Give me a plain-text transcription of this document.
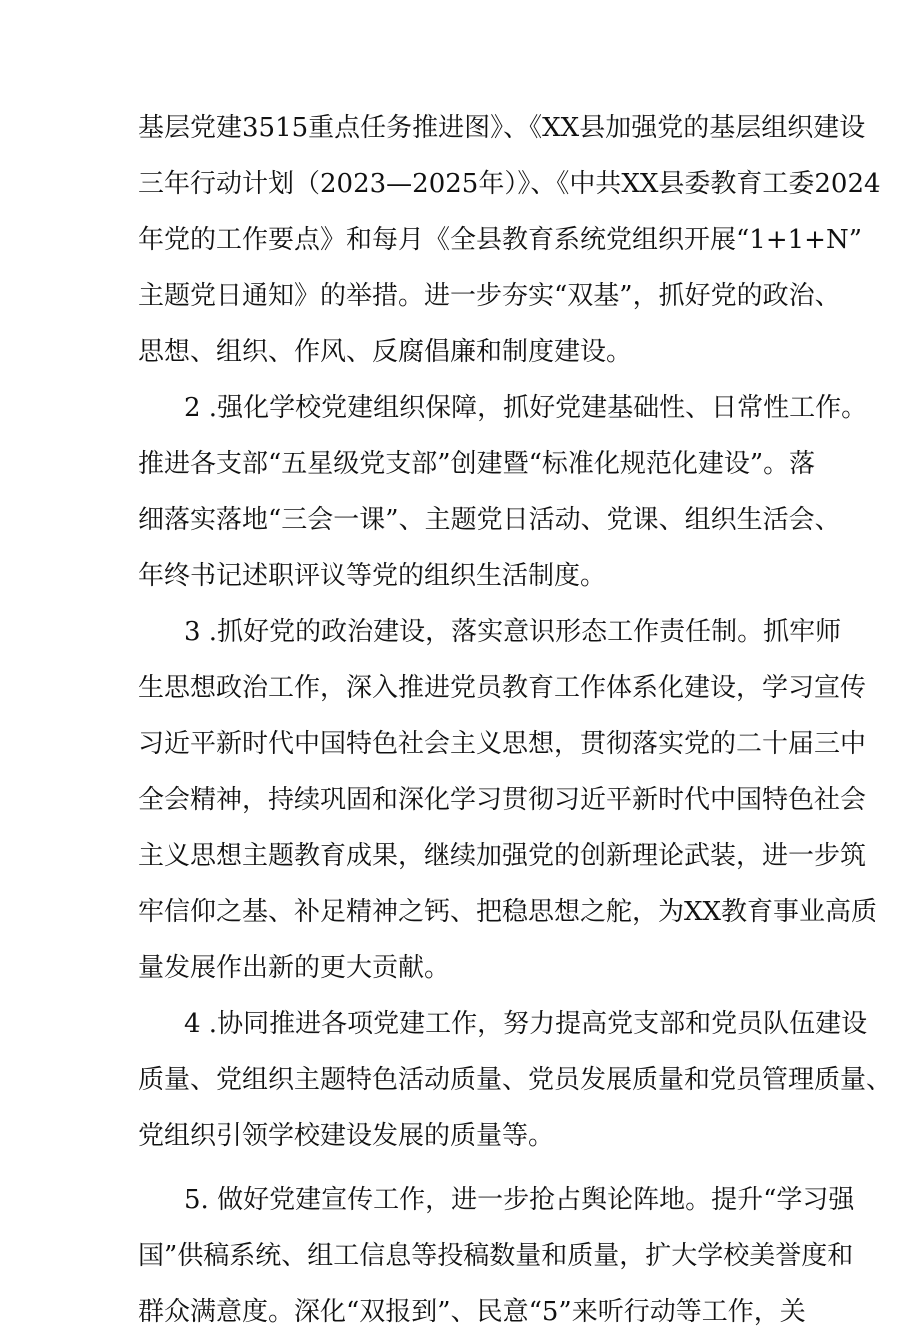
基层党建3515重点任务推进图》、《XX县加强党的基层组织建设
三年行动计划（2023—2025年）》、《中共XX县委教育工委2024
年党的工作要点》和每月《全县教育系统党组织开展“1+1+N”
主题党日通知》的举措。进一步夯实“双基”，抓好党的政治、
思想、组织、作风、反腐倡廉和制度建设。
2 .强化学校党建组织保障，抓好党建基础性、日常性工作。
推进各支部“五星级党支部”创建暨“标准化规范化建设”。落
细落实落地“三会一课”、主题党日活动、党课、组织生活会、
年终书记述职评议等党的组织生活制度。
3 .抓好党的政治建设，落实意识形态工作责任制。抓牢师
生思想政治工作，深入推进党员教育工作体系化建设，学习宣传
习近平新时代中国特色社会主义思想，贯彻落实党的二十届三中
全会精神，持续巩固和深化学习贯彻习近平新时代中国特色社会
主义思想主题教育成果，继续加强党的创新理论武装，进一步筑
牢信仰之基、补足精神之钙、把稳思想之舵，为XX教育事业高质
量发展作出新的更大贡献。
4 .协同推进各项党建工作，努力提高党支部和党员队伍建设
质量、党组织主题特色活动质量、党员发展质量和党员管理质量、
党组织引领学校建设发展的质量等。
5. 做好党建宣传工作，进一步抢占舆论阵地。提升“学习强
国”供稿系统、组工信息等投稿数量和质量，扩大学校美誉度和
群众满意度。深化“双报到”、民意“5”来听行动等工作，关
